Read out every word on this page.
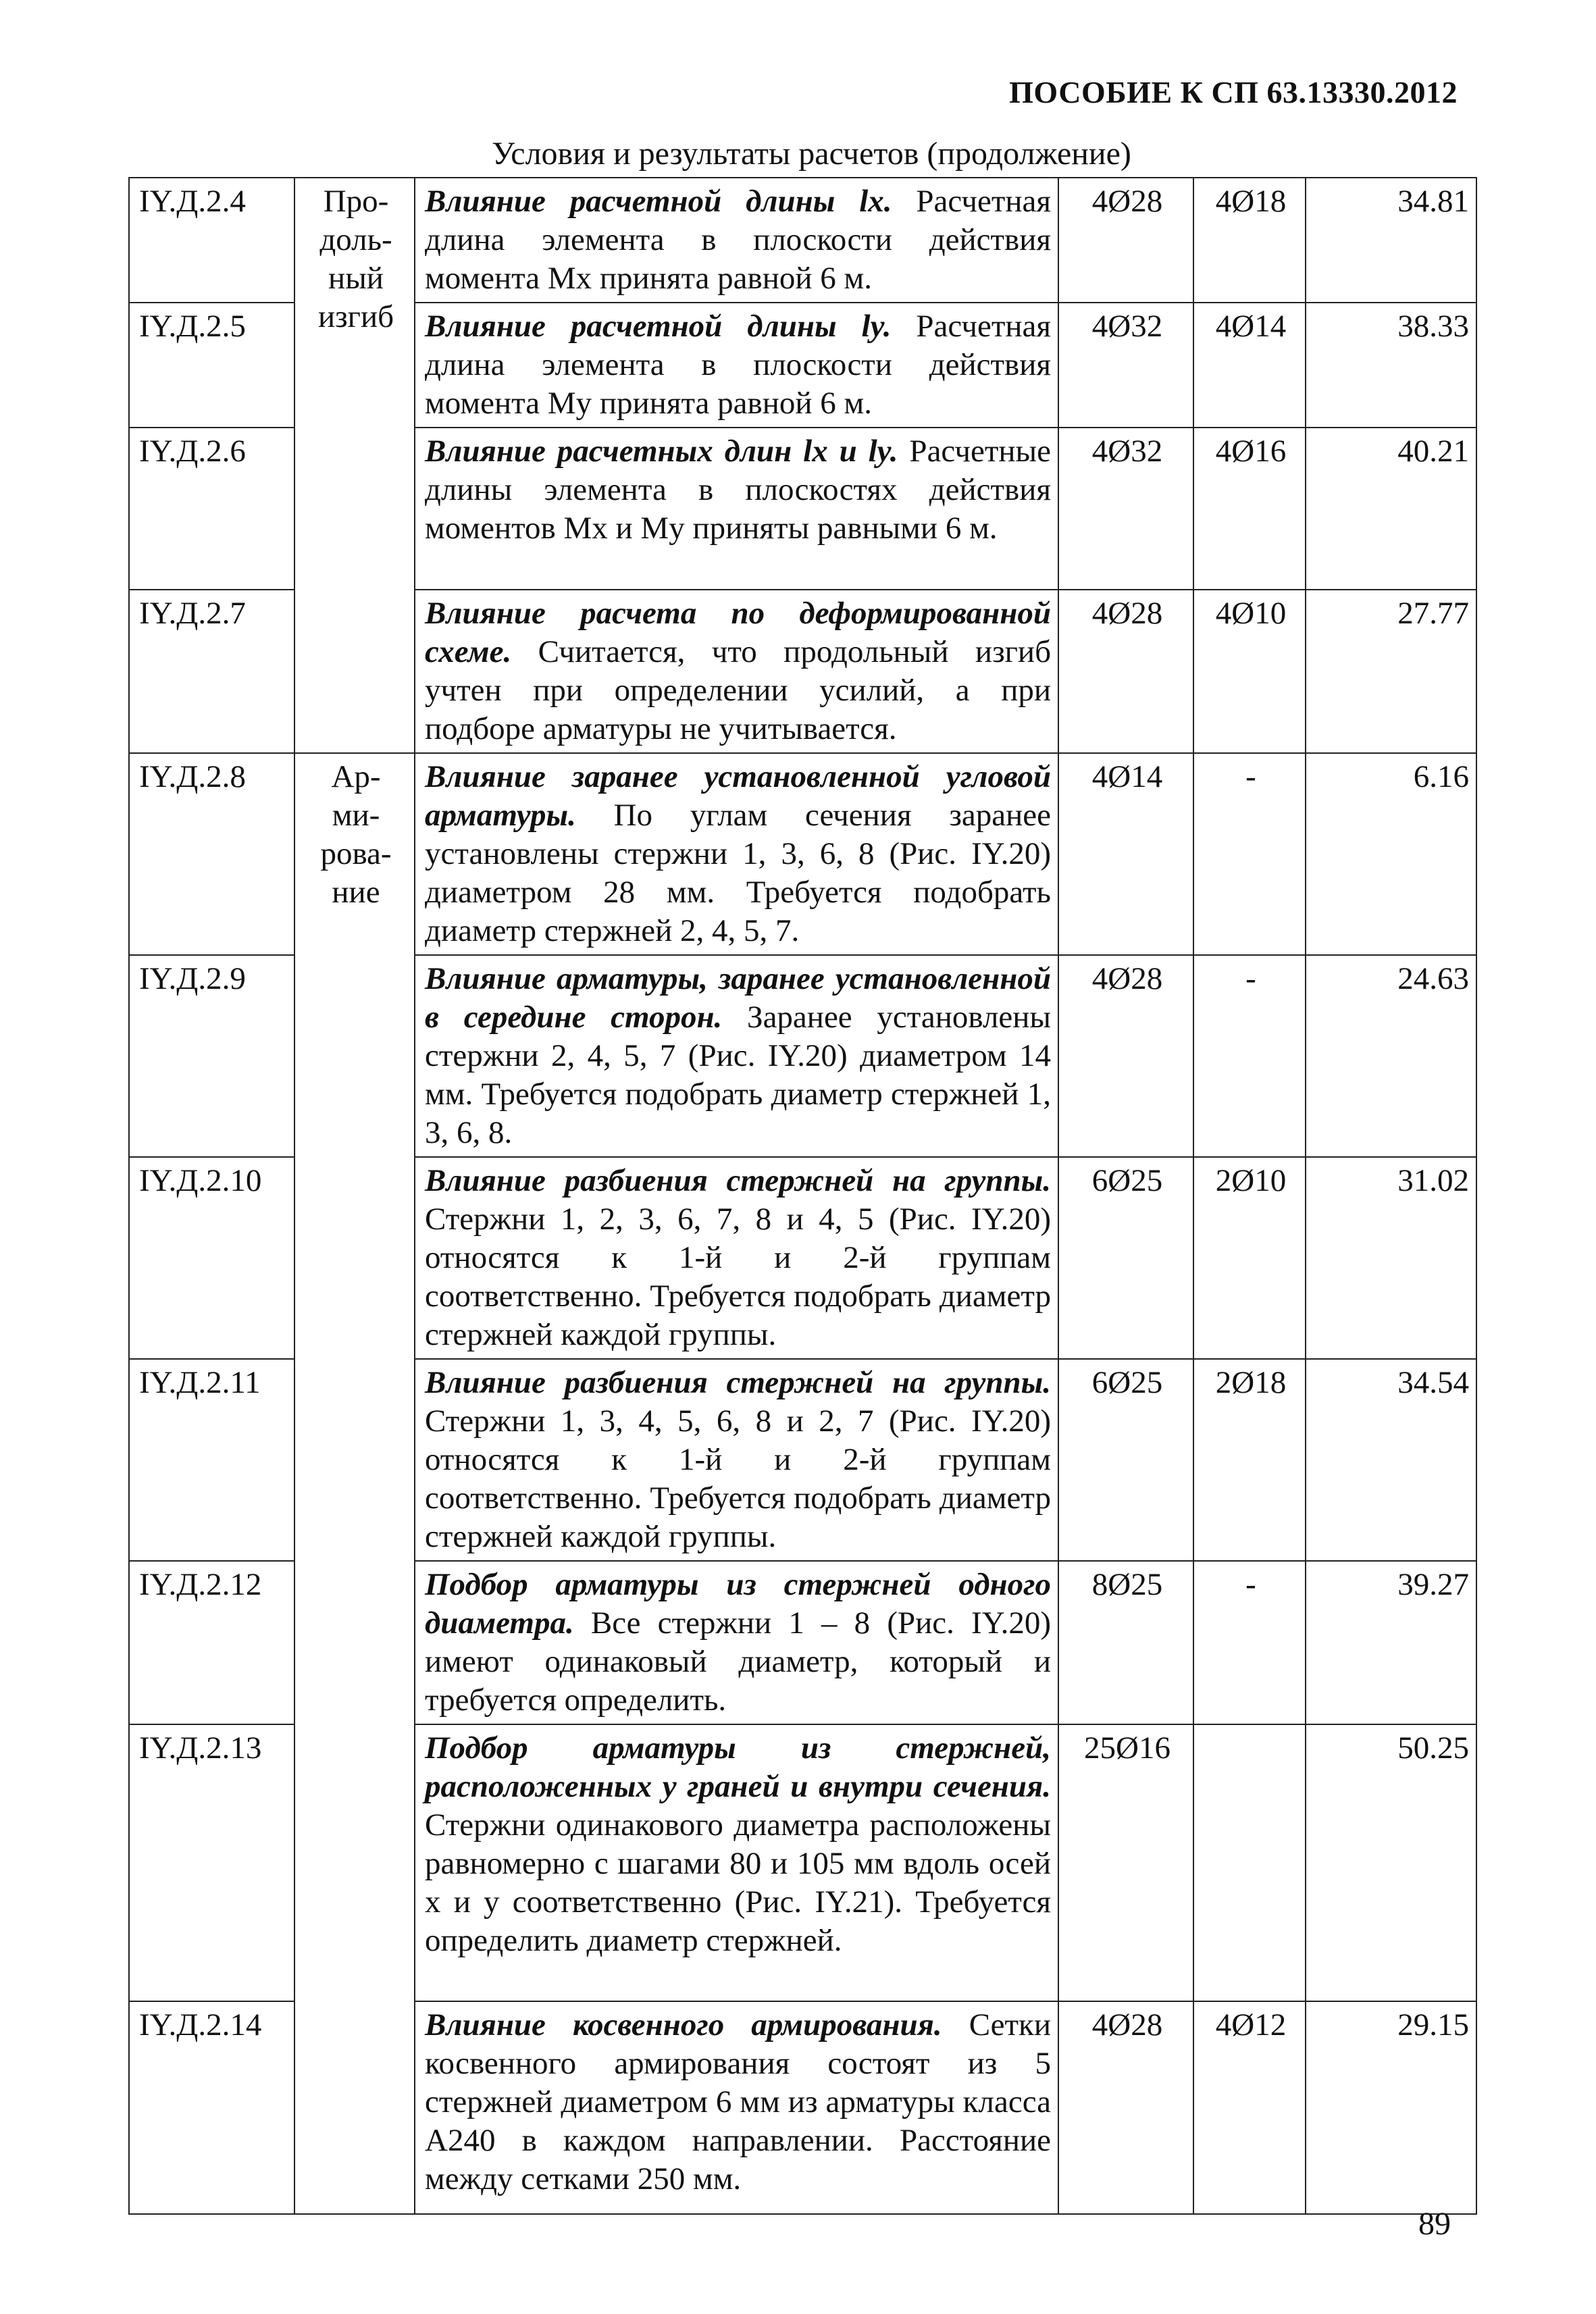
ПОСОБИЕ К СП 63.13330.2012
Условия и результаты расчетов (продолжение)
IY.Д.2.4	Про-
доль-
ный
изгиб	Влияние расчетной длины lx. Расчетная длина элемента в плоскости действия момента Mx принята равной 6 м.	4Ø28	4Ø18	34.81
IY.Д.2.5		Влияние расчетной длины ly. Расчетная длина элемента в плоскости действия момента My принята равной 6 м.	4Ø32	4Ø14	38.33
IY.Д.2.6		Влияние расчетных длин lx и ly. Расчетные длины элемента в плоскостях действия моментов Mx и My приняты равными 6 м.	4Ø32	4Ø16	40.21
IY.Д.2.7		Влияние расчета по деформированной схеме. Считается, что продольный изгиб учтен при определении усилий, а при подборе арматуры не учитывается.	4Ø28	4Ø10	27.77
IY.Д.2.8	Ар-
ми-
рова-
ние	Влияние заранее установленной угловой арматуры. По углам сечения заранее установлены стержни 1, 3, 6, 8 (Рис. IY.20) диаметром 28 мм. Требуется подобрать диаметр стержней 2, 4, 5, 7.	4Ø14	-	6.16
IY.Д.2.9		Влияние арматуры, заранее установленной в середине сторон. Заранее установлены стержни 2, 4, 5, 7 (Рис. IY.20) диаметром 14 мм. Требуется подобрать диаметр стержней 1, 3, 6, 8.	4Ø28	-	24.63
IY.Д.2.10		Влияние разбиения стержней на группы. Стержни 1, 2, 3, 6, 7, 8 и 4, 5 (Рис. IY.20) относятся к 1-й и 2-й группам соответственно. Требуется подобрать диаметр стержней каждой группы.	6Ø25	2Ø10	31.02
IY.Д.2.11		Влияние разбиения стержней на группы. Стержни 1, 3, 4, 5, 6, 8 и 2, 7 (Рис. IY.20) относятся к 1-й и 2-й группам соответственно. Требуется подобрать диаметр стержней каждой группы.	6Ø25	2Ø18	34.54
IY.Д.2.12		Подбор арматуры из стержней одного диаметра. Все стержни 1 – 8 (Рис. IY.20) имеют одинаковый диаметр, который и требуется определить.	8Ø25	-	39.27
IY.Д.2.13		Подбор арматуры из стержней, расположенных у граней и внутри сечения. Стержни одинакового диаметра расположены равномерно с шагами 80 и 105 мм вдоль осей x и y соответственно (Рис. IY.21). Требуется определить диаметр стержней.	25Ø16		50.25
IY.Д.2.14		Влияние косвенного армирования. Сетки косвенного армирования состоят из 5 стержней диаметром 6 мм из арматуры класса A240 в каждом направлении. Расстояние между сетками 250 мм.	4Ø28	4Ø12	29.15
89
